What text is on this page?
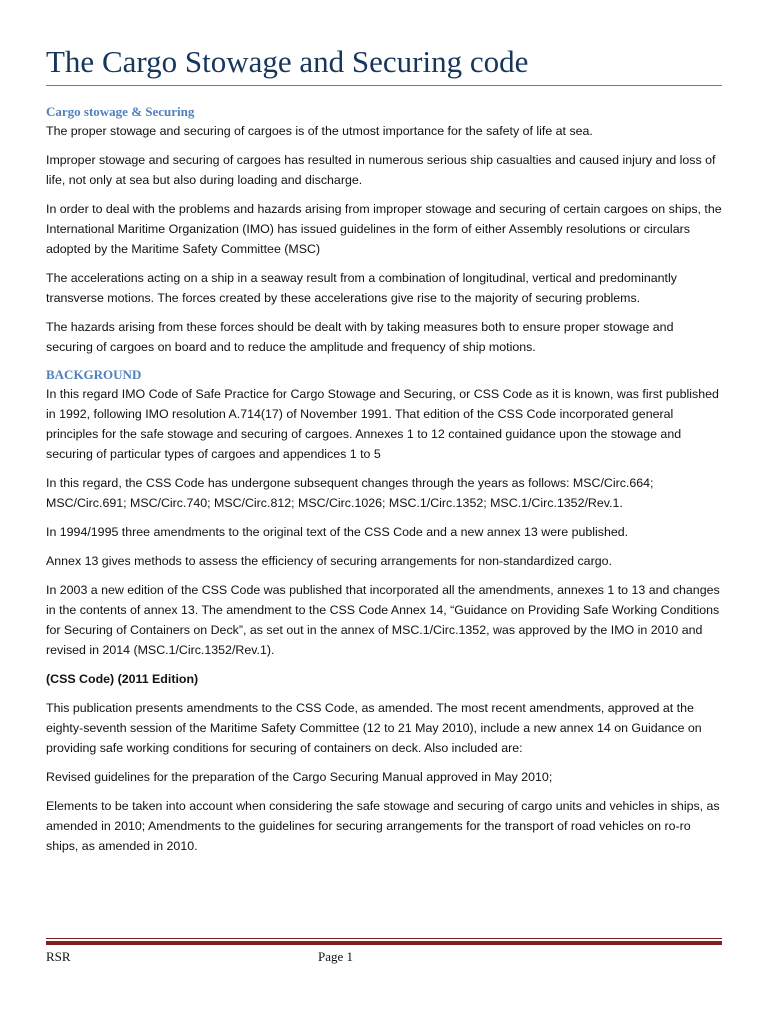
The Cargo Stowage and Securing code
Cargo stowage & Securing

The proper stowage and securing of cargoes is of the utmost importance for the safety of life at sea.

Improper stowage and securing of cargoes has resulted in numerous serious ship casualties and caused injury and loss of life, not only at sea but also during loading and discharge.

In order to deal with the problems and hazards arising from improper stowage and securing of certain cargoes on ships, the International Maritime Organization (IMO) has issued guidelines in the form of either Assembly resolutions or circulars adopted by the Maritime Safety Committee (MSC)

The accelerations acting on a ship in a seaway result from a combination of longitudinal, vertical and predominantly transverse motions. The forces created by these accelerations give rise to the majority of securing problems.

The hazards arising from these forces should be dealt with by taking measures both to ensure proper stowage and securing of cargoes on board and to reduce the amplitude and frequency of ship motions.

BACKGROUND

In this regard IMO Code of Safe Practice for Cargo Stowage and Securing, or CSS Code as it is known, was first published in 1992, following IMO resolution A.714(17) of November 1991. That edition of the CSS Code incorporated general principles for the safe stowage and securing of cargoes. Annexes 1 to 12 contained guidance upon the stowage and securing of particular types of cargoes and appendices 1 to 5

In this regard, the CSS Code has undergone subsequent changes through the years as follows: MSC/Circ.664; MSC/Circ.691; MSC/Circ.740; MSC/Circ.812; MSC/Circ.1026; MSC.1/Circ.1352; MSC.1/Circ.1352/Rev.1.

In 1994/1995 three amendments to the original text of the CSS Code and a new annex 13 were published.

Annex 13 gives methods to assess the efficiency of securing arrangements for non-standardized cargo.

In 2003 a new edition of the CSS Code was published that incorporated all the amendments, annexes 1 to 13 and changes in the contents of annex 13. The amendment to the CSS Code Annex 14, “Guidance on Providing Safe Working Conditions for Securing of Containers on Deck”, as set out in the annex of MSC.1/Circ.1352, was approved by the IMO in 2010 and revised in 2014 (MSC.1/Circ.1352/Rev.1).

(CSS Code) (2011 Edition)

This publication presents amendments to the CSS Code, as amended. The most recent amendments, approved at the eighty-seventh session of the Maritime Safety Committee (12 to 21 May 2010), include a new annex 14 on Guidance on providing safe working conditions for securing of containers on deck. Also included are:

Revised guidelines for the preparation of the Cargo Securing Manual approved in May 2010;

Elements to be taken into account when considering the safe stowage and securing of cargo units and vehicles in ships, as amended in 2010; Amendments to the guidelines for securing arrangements for the transport of road vehicles on ro-ro ships, as amended in 2010.

RSR	Page 1
